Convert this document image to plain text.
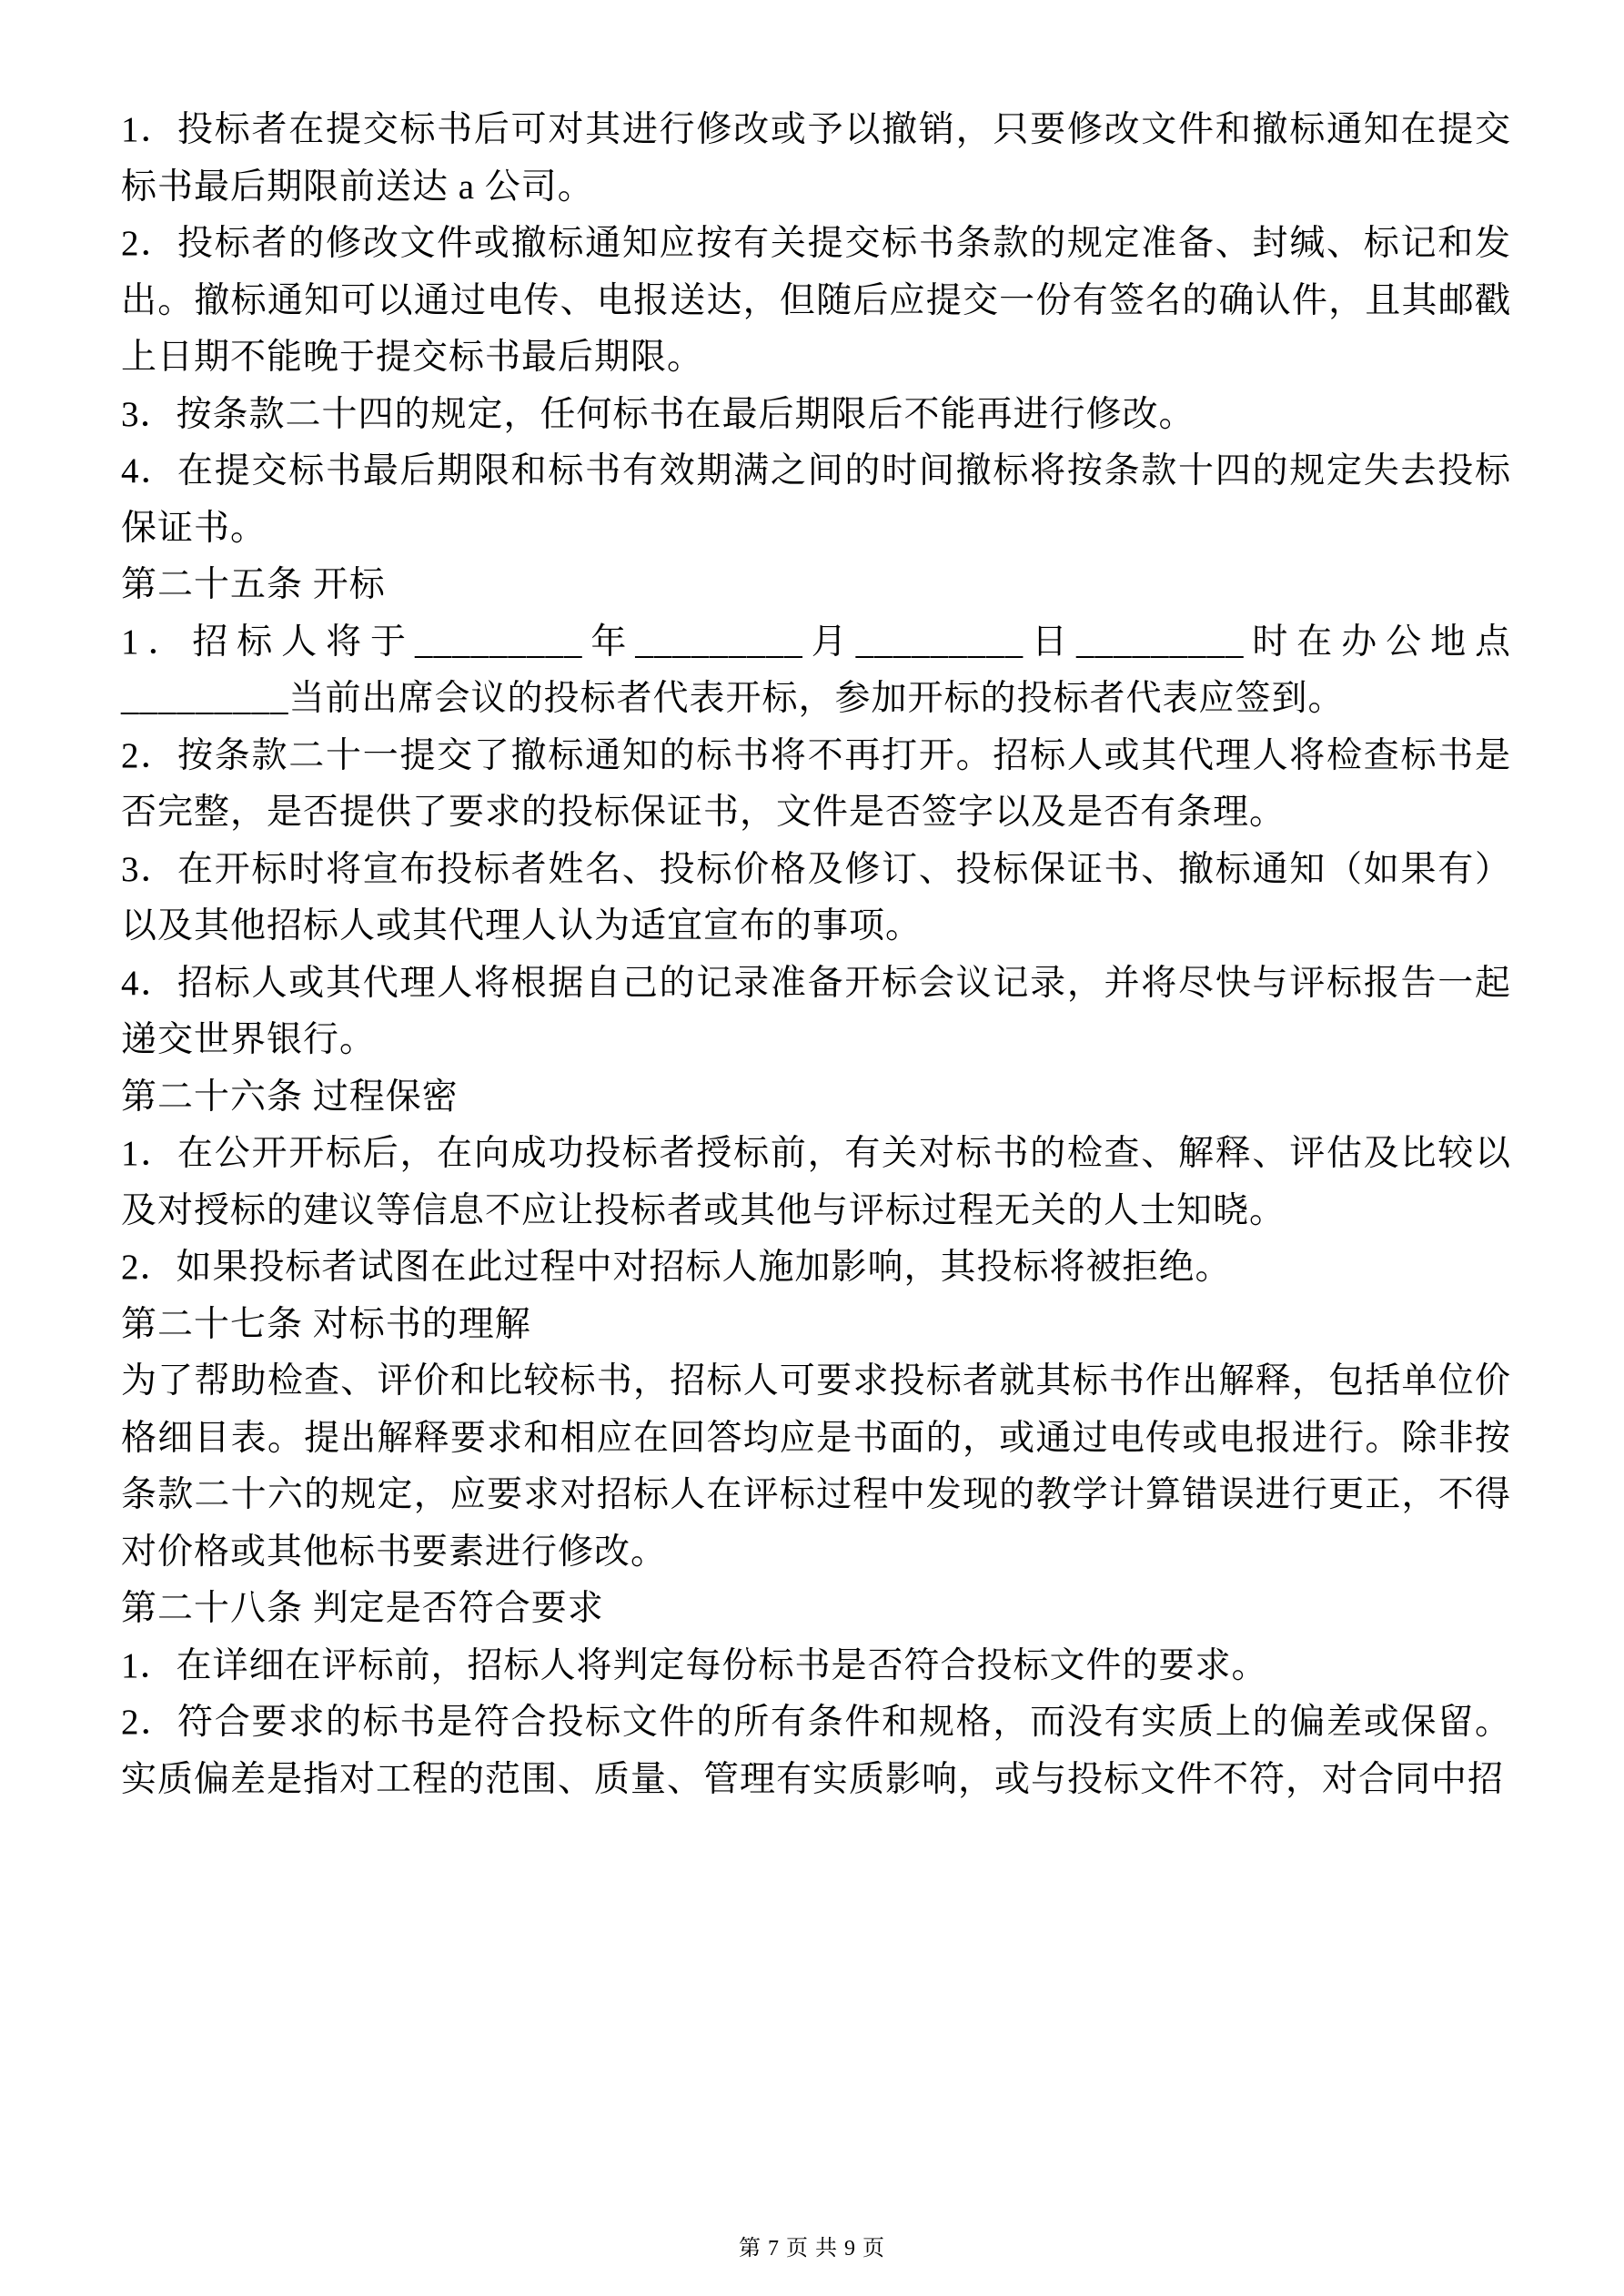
1．投标者在提交标书后可对其进行修改或予以撤销，只要修改文件和撤标通知在提交标书最后期限前送达 a 公司。

2．投标者的修改文件或撤标通知应按有关提交标书条款的规定准备、封缄、标记和发出。撤标通知可以通过电传、电报送达，但随后应提交一份有签名的确认件，且其邮戳上日期不能晚于提交标书最后期限。

3．按条款二十四的规定，任何标书在最后期限后不能再进行修改。

4．在提交标书最后期限和标书有效期满之间的时间撤标将按条款十四的规定失去投标保证书。

第二十五条 开标

1．招标人将于_________年_________月_________日_________时在办公地点_________当前出席会议的投标者代表开标，参加开标的投标者代表应签到。

2．按条款二十一提交了撤标通知的标书将不再打开。招标人或其代理人将检查标书是否完整，是否提供了要求的投标保证书，文件是否签字以及是否有条理。

3．在开标时将宣布投标者姓名、投标价格及修订、投标保证书、撤标通知（如果有）以及其他招标人或其代理人认为适宜宣布的事项。

4．招标人或其代理人将根据自己的记录准备开标会议记录，并将尽快与评标报告一起递交世界银行。

第二十六条 过程保密

1．在公开开标后，在向成功投标者授标前，有关对标书的检查、解释、评估及比较以及对授标的建议等信息不应让投标者或其他与评标过程无关的人士知晓。

2．如果投标者试图在此过程中对招标人施加影响，其投标将被拒绝。

第二十七条 对标书的理解

为了帮助检查、评价和比较标书，招标人可要求投标者就其标书作出解释，包括单位价格细目表。提出解释要求和相应在回答均应是书面的，或通过电传或电报进行。除非按条款二十六的规定，应要求对招标人在评标过程中发现的教学计算错误进行更正，不得对价格或其他标书要素进行修改。

第二十八条 判定是否符合要求

1．在详细在评标前，招标人将判定每份标书是否符合投标文件的要求。

2．符合要求的标书是符合投标文件的所有条件和规格，而没有实质上的偏差或保留。实质偏差是指对工程的范围、质量、管理有实质影响，或与投标文件不符，对合同中招

第 7 页 共 9 页
